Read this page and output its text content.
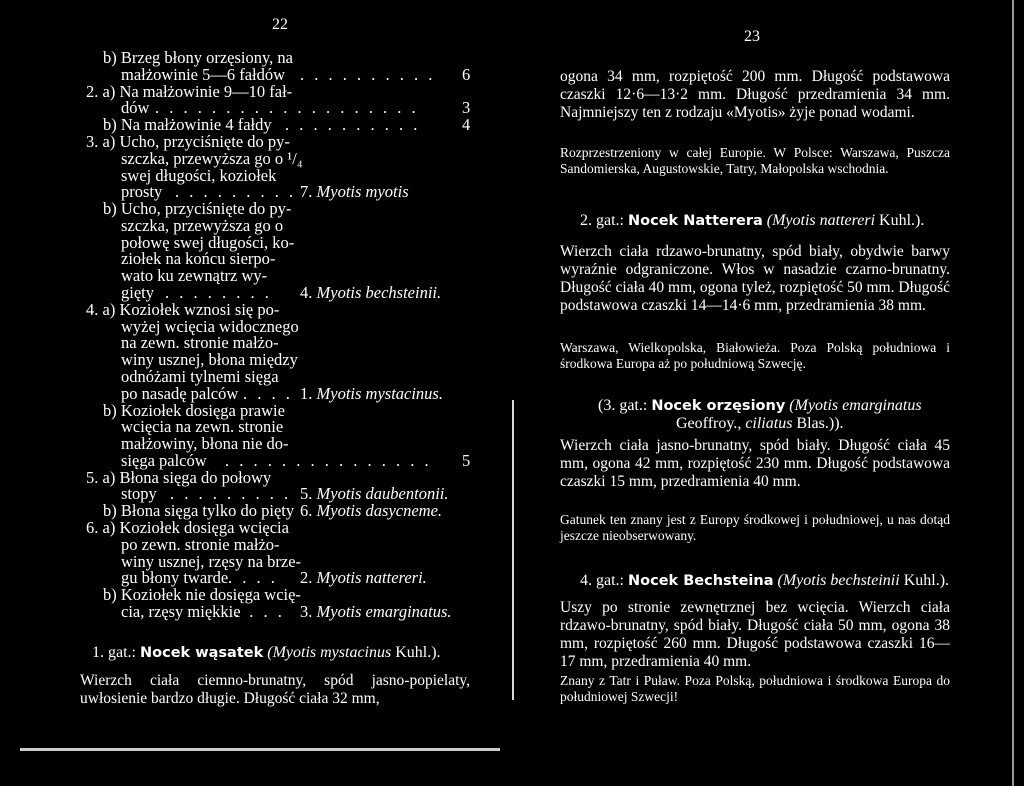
22
b) Brzeg błony orzęsiony, na
małżowinie 5—6 fałdów
2. a) Na małżowinie 9—10 fał-
dów
b) Na małżowinie 4 fałdy
3. a) Ucho, przyciśnięte do py-
szczka, przewyższa go o ¹/₄
swej długości, koziołek
prosty
b) Ucho, przyciśnięte do py-
szczka, przewyższa go o
połowę swej długości, ko-
ziołek na końcu sierpo-
wato ku zewnątrz wy-
gięty
4. a) Koziołek wznosi się po-
wyżej wcięcia widocznego
na zewn. stronie małżo-
winy usznej, błona między
odnóżami tylnemi sięga
po nasadę palców
b) Koziołek dosięga prawie
wcięcia na zewn. stronie
małżowiny, błona nie do-
sięga palców
5. a) Błona sięga do połowy
stopy
b) Błona sięga tylko do pięty
6. a) Koziołek dosięga wcięcia
po zewn. stronie małżo-
winy usznej, rzęsy na brze-
gu błony twarde
b) Koziołek nie dosięga wcię-
cia, rzęsy miękkie
. . . . . . . . . .
. . . . . . . . . . . . . . . . . . .
. . . . . . . . . .
. . . . . . . . .
. . . . . . . .
. . . .
. . . . . . . . . . . . . . .
. . . . . . . . .
. . . .
. . . .
6
3
4
5
7. Myotis myotis
4. Myotis bechsteinii.
1. Myotis mystacinus.
5. Myotis daubentonii.
6. Myotis dasycneme.
2. Myotis nattereri.
3. Myotis emarginatus.
1. gat.: Nocek wąsatek (Myotis mystacinus Kuhl.).
23
ogona 34 mm, rozpiętość 200 mm. Długość podstawowa czaszki 12·6—13·2 mm. Długość przedramienia 34 mm. Najmniejszy ten z rodzaju «Myotis» żyje ponad wodami.
Rozprzestrzeniony w całej Europie. W Polsce: Warszawa, Puszcza Sandomierska, Augustowskie, Tatry, Małopolska wschodnia.
2. gat.: Nocek Natterera (Myotis nattereri Kuhl.).
Wierzch ciała rdzawo-brunatny, spód biały, obydwie barwy wyraźnie odgraniczone. Włos w nasadzie czarno-brunatny. Długość ciała 40 mm, ogona tyleż, rozpiętość 50 mm. Długość podstawowa czaszki 14—14·6 mm, przedramienia 38 mm.
Warszawa, Wielkopolska, Białowieża. Poza Polską południowa i środkowa Europa aż po południową Szwecję.
(3. gat.: Nocek orzęsiony (Myotis emarginatus
Geoffroy., ciliatus Blas.)).
Wierzch ciała jasno-brunatny, spód biały. Długość ciała 45 mm, ogona 42 mm, rozpiętość 230 mm. Długość podstawowa czaszki 15 mm, przedramienia 40 mm.
Gatunek ten znany jest z Europy środkowej i południowej, u nas dotąd jeszcze nieobserwowany.
4. gat.: Nocek Bechsteina (Myotis bechsteinii Kuhl.).
Uszy po stronie zewnętrznej bez wcięcia. Wierzch ciała rdzawo-brunatny, spód biały. Długość ciała 50 mm, ogona 38 mm, rozpiętość 260 mm. Długość podstawowa czaszki 16—17 mm, przedramienia 40 mm.
Znany z Tatr i Puław. Poza Polską, południowa i środkowa Europa do południowej Szwecji!
Wierzch ciała ciemno-brunatny, spód jasno-popielaty, uwłosienie bardzo długie. Długość ciała 32 mm,
